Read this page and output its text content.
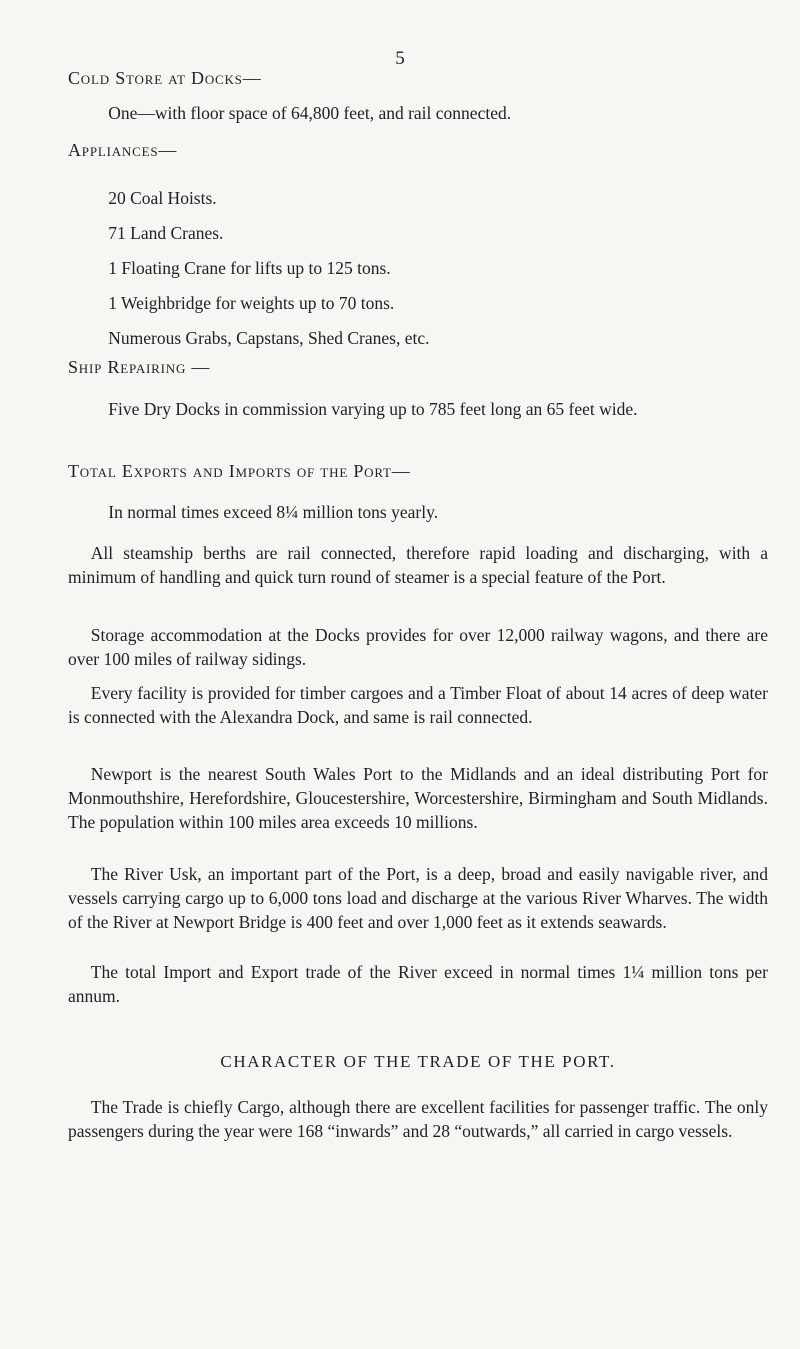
5
Cold Store at Docks—
One—with floor space of 64,800 feet, and rail connected.
Appliances—
20 Coal Hoists.
71 Land Cranes.
1 Floating Crane for lifts up to 125 tons.
1 Weighbridge for weights up to 70 tons.
Numerous Grabs, Capstans, Shed Cranes, etc.
Ship Repairing —
Five Dry Docks in commission varying up to 785 feet long an 65 feet wide.
Total Exports and Imports of the Port—
In normal times exceed 8¼ million tons yearly.
All steamship berths are rail connected, therefore rapid loading and discharging, with a minimum of handling and quick turn round of steamer is a special feature of the Port.
Storage accommodation at the Docks provides for over 12,000 railway wagons, and there are over 100 miles of railway sidings.
Every facility is provided for timber cargoes and a Timber Float of about 14 acres of deep water is connected with the Alexandra Dock, and same is rail connected.
Newport is the nearest South Wales Port to the Midlands and an ideal distributing Port for Monmouthshire, Herefordshire, Gloucestershire, Worcestershire, Birmingham and South Midlands. The population within 100 miles area exceeds 10 millions.
The River Usk, an important part of the Port, is a deep, broad and easily navigable river, and vessels carrying cargo up to 6,000 tons load and discharge at the various River Wharves. The width of the River at Newport Bridge is 400 feet and over 1,000 feet as it extends seawards.
The total Import and Export trade of the River exceed in normal times 1¼ million tons per annum.
CHARACTER OF THE TRADE OF THE PORT.
The Trade is chiefly Cargo, although there are excellent facilities for passenger traffic. The only passengers during the year were 168 “inwards” and 28 “outwards,” all carried in cargo vessels.
